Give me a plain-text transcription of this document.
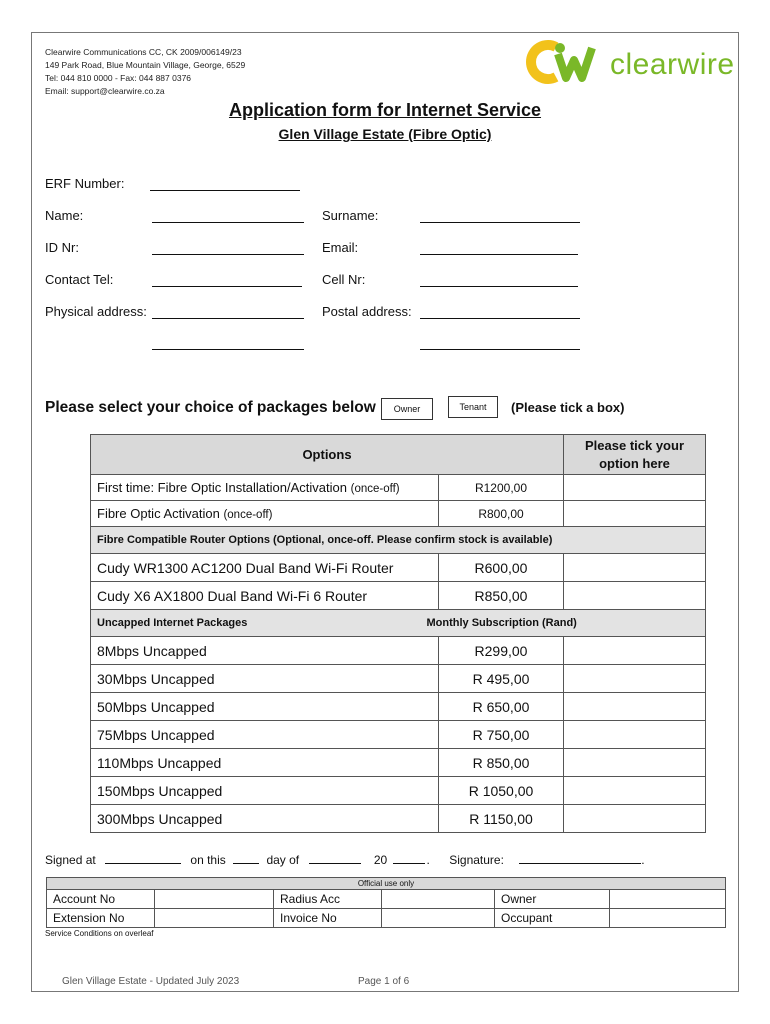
Clearwire Communications CC, CK 2009/006149/23
149 Park Road, Blue Mountain Village, George, 6529
Tel: 044 810 0000 - Fax: 044 887 0376
Email: support@clearwire.co.za
clearwire
Application form for Internet Service
Glen Village Estate (Fibre Optic)
ERF Number:
Name:	Surname:
ID Nr:	Email:
Contact Tel:	Cell Nr:
Physical address:	Postal address:
Please select your choice of packages below	Owner	Tenant	(Please tick a box)
Options		Please tick your
option here
First time: Fibre Optic Installation/Activation (once-off)	R1200,00	
Fibre Optic Activation (once-off)	R800,00	
Fibre Compatible Router Options (Optional, once-off. Please confirm stock is available)		
Cudy WR1300 AC1200 Dual Band Wi-Fi Router	R600,00	
Cudy X6 AX1800 Dual Band Wi-Fi 6 Router	R850,00	
Uncapped Internet Packages	Monthly Subscription (Rand)	
8Mbps Uncapped	R299,00	
30Mbps Uncapped	R 495,00	
50Mbps Uncapped	R 650,00	
75Mbps Uncapped	R 750,00	
110Mbps Uncapped	R 850,00	
150Mbps Uncapped	R 1050,00	
300Mbps Uncapped	R 1150,00	
Signed at	on this	day of	20	. Signature:	.
Official use only					
Account No		Radius Acc		Owner	
Extension No		Invoice No		Occupant	
Service Conditions on overleaf
Glen Village Estate - Updated July 2023	Page 1 of 6
